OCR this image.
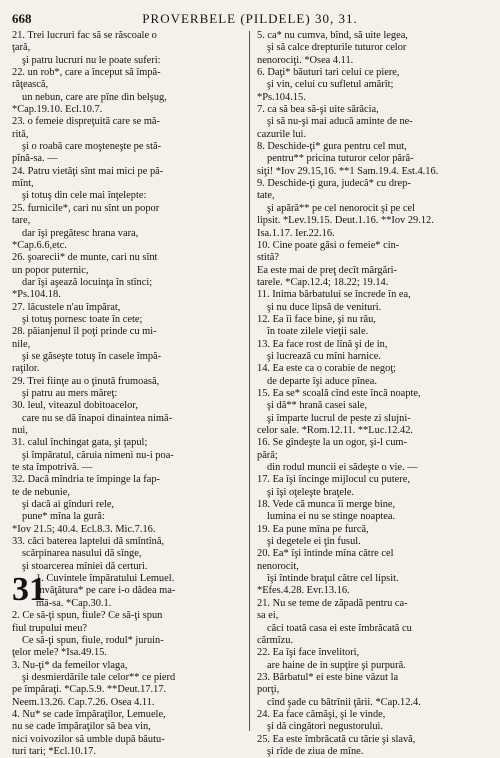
668	PROVERBELE (PILDELE) 30, 31.
21. Trei lucruri fac să se răscoale o
ţară,
şi patru lucruri nu le poate suferi:
22. un rob*, care a început să împă-
răţească,
un nebun, care are pîne din belşug,
*Cap.19.10. Ecl.10.7.
23. o femeie dispreţuită care se mă-
rită,
şi o roabă care moşteneşte pe stă-
pînă-sa. —
24. Patru vietăţi sînt mai mici pe pă-
mînt,
şi totuş din cele mai înţelepte:
25. furnicile*, cari nu sînt un popor
tare,
dar îşi pregătesc hrana vara,
*Cap.6.6,etc.
26. şoarecii* de munte, cari nu sînt
un popor puternic,
dar îşi aşează locuinţa în stînci;
*Ps.104.18.
27. lăcustele n'au împărat,
şi totuş pornesc toate în cete;
28. păianjenul îl poţi prinde cu mi-
nile,
şi se găseşte totuş în casele împă-
raţilor.
29. Trei fiinţe au o ţinută frumoasă,
şi patru au mers măreţ:
30. leul, viteazul dobitoacelor,
care nu se dă înapoi dinaintea nimă-
nui,
31. calul închingat gata, şi ţapul;
şi împăratul, căruia nimeni nu-i poa-
te sta împotrivă. —
32. Dacă mîndria te împinge la fap-
te de nebunie,
şi dacă ai gînduri rele,
pune* mîna la gură:
*Iov 21.5; 40.4. Ecl.8.3. Mic.7.16.
33. căci baterea laptelui dă smîntînă,
scărpinarea nasului dă sînge,
şi stoarcerea mîniei dă certuri.
31
1. Cuvintele împăratului Lemuel.
Învăţătura* pe care i-o dădea ma-
mă-sa. *Cap.30.1.
2. Ce să-ţi spun, fiule? Ce să-ţi spun
fiul trupului meu?
Ce să-ţi spun, fiule, rodul* juruin-
ţelor mele? *Isa.49.15.
3. Nu-ţi* da femeilor vlaga,
şi desmierdările tale celor** ce pierd
pe împăraţi. *Cap.5.9. **Deut.17.17.
Neem.13.26. Cap.7.26. Osea 4.11.
4. Nu* se cade împăraţilor, Lemuele,
nu se cade împăraţilor să bea vin,
nici voivozilor să umble după băutu-
turi tari; *Ecl.10.17.
5. ca* nu cumva, bînd, să uite legea,
şi să calce drepturile tuturor celor
nenorociţi. *Osea 4.11.
6. Daţi* băuturi tari celui ce piere,
şi vin, celui cu sufletul amărît;
*Ps.104.15.
7. ca să bea să-şi uite sărăcia,
şi să nu-şi mai aducă aminte de ne-
cazurile lui.
8. Deschide-ţi* gura pentru cel mut,
pentru** pricina tuturor celor pără-
siţi! *Iov 29.15,16. **1 Sam.19.4. Est.4.16.
9. Deschide-ţi gura, judecă* cu drep-
tate,
şi apără** pe cel nenorocit şi pe cel
lipsit. *Lev.19.15. Deut.1.16. **Iov 29.12.
Isa.1.17. Ier.22.16.
10. Cine poate găsi o femeie* cin-
stită?
Ea este mai de preţ decît mărgări-
tarele. *Cap.12.4; 18.22; 19.14.
11. Inima bărbatului se încrede în ea,
şi nu duce lipsă de venituri.
12. Ea îi face bine, şi nu rău,
în toate zilele vieţii sale.
13. Ea face rost de lînă şi de in,
şi lucrează cu mîni harnice.
14. Ea este ca o corabie de negoţ;
de departe îşi aduce pînea.
15. Ea se* scoală cînd este încă noapte,
şi dă** hrană casei sale,
şi împarte lucrul de peste zi slujni-
celor sale. *Rom.12.11. **Luc.12.42.
16. Se gîndeşte la un ogor, şi-l cum-
pără;
din rodul muncii ei sădeşte o vie. —
17. Ea îşi încinge mijlocul cu putere,
şi îşi oţeleşte braţele.
18. Vede că munca îi merge bine,
lumina ei nu se stinge noaptea.
19. Ea pune mîna pe furcă,
şi degetele ei ţin fusul.
20. Ea* îşi întinde mîna către cel
nenorocit,
îşi întinde braţul către cel lipsit.
*Efes.4.28. Evr.13.16.
21. Nu se teme de zăpadă pentru ca-
sa ei,
căci toată casa ei este îmbrăcată cu
cărmîzu.
22. Ea îşi face învelitori,
are haine de in supţire şi purpură.
23. Bărbatul* ei este bine văzut la
porţi,
cînd şade cu bătrînii ţării. *Cap.12.4.
24. Ea face cămăşi, şi le vinde,
şi dă cingători negustorului.
25. Ea este îmbrăcată cu tărie şi slavă,
şi rîde de ziua de mîne.
